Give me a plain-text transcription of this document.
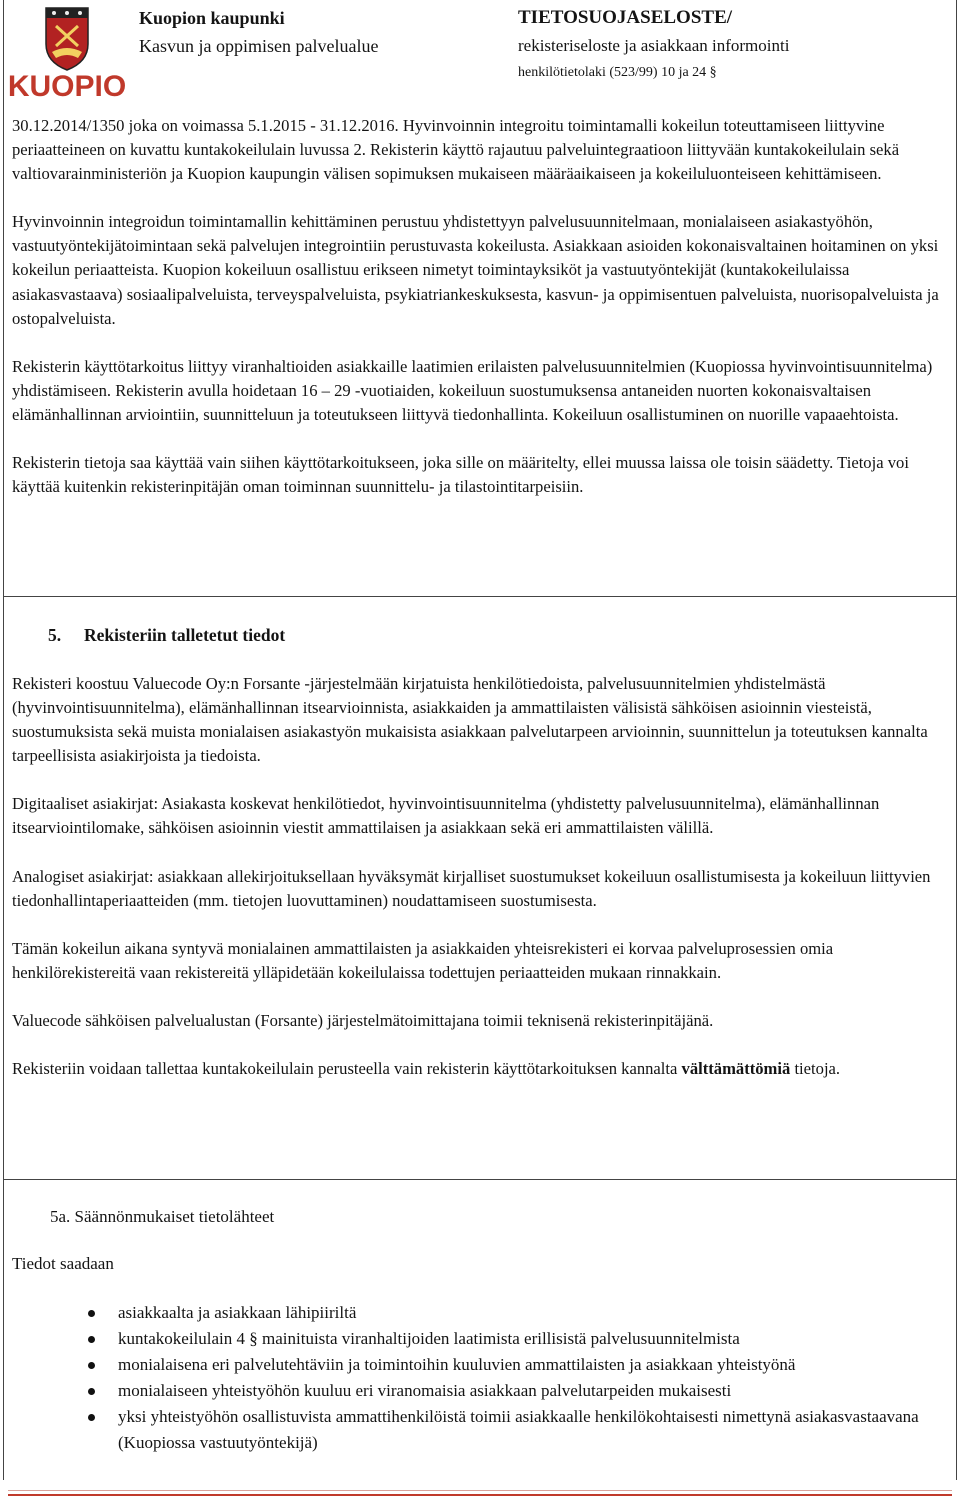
KUOPIO
Kuopion kaupunki
Kasvun ja oppimisen palvelualue
TIETOSUOJASELOSTE/
rekisteriseloste ja asiakkaan informointi
henkilötietolaki (523/99) 10 ja 24 §

30.12.2014/1350 joka on voimassa 5.1.2015 - 31.12.2016. Hyvinvoinnin integroitu toimintamalli kokeilun toteuttamiseen liittyvine periaatteineen on kuvattu kuntakokeilulain luvussa 2. Rekisterin käyttö rajautuu palveluintegraatioon liittyvään kuntakokeilulain sekä valtiovarainministeriön ja Kuopion kaupungin välisen sopimuksen mukaiseen määräaikaiseen ja kokeiluluonteiseen kehittämiseen.

Hyvinvoinnin integroidun toimintamallin kehittäminen perustuu yhdistettyyn palvelusuunnitelmaan, monialaiseen asiakastyöhön, vastuutyöntekijätoimintaan sekä palvelujen integrointiin perustuvasta kokeilusta. Asiakkaan asioiden kokonaisvaltainen hoitaminen on yksi kokeilun periaatteista. Kuopion kokeiluun osallistuu erikseen nimetyt toimintayksiköt ja vastuutyöntekijät (kuntakokeilulaissa asiakasvastaava) sosiaalipalveluista, terveyspalveluista, psykiatriankeskuksesta, kasvun- ja oppimisentuen palveluista, nuorisopalveluista ja ostopalveluista.

Rekisterin käyttötarkoitus liittyy viranhaltioiden asiakkaille laatimien erilaisten palvelusuunnitelmien (Kuopiossa hyvinvointisuunnitelma) yhdistämiseen. Rekisterin avulla hoidetaan 16 – 29 -vuotiaiden, kokeiluun suostumuksensa antaneiden nuorten kokonaisvaltaisen elämänhallinnan arviointiin, suunnitteluun ja toteutukseen liittyvä tiedonhallinta. Kokeiluun osallistuminen on nuorille vapaaehtoista.

Rekisterin tietoja saa käyttää vain siihen käyttötarkoitukseen, joka sille on määritelty, ellei muussa laissa ole toisin säädetty. Tietoja voi käyttää kuitenkin rekisterinpitäjän oman toiminnan suunnittelu- ja tilastointitarpeisiin.

5. Rekisteriin talletetut tiedot

Rekisteri koostuu Valuecode Oy:n Forsante -järjestelmään kirjatuista henkilötiedoista, palvelusuunnitelmien yhdistelmästä (hyvinvointisuunnitelma), elämänhallinnan itsearvioinnista, asiakkaiden ja ammattilaisten välisistä sähköisen asioinnin viesteistä, suostumuksista sekä muista monialaisen asiakastyön mukaisista asiakkaan palvelutarpeen arvioinnin, suunnittelun ja toteutuksen kannalta tarpeellisista asiakirjoista ja tiedoista.

Digitaaliset asiakirjat: Asiakasta koskevat henkilötiedot, hyvinvointisuunnitelma (yhdistetty palvelusuunnitelma), elämänhallinnan itsearviointilomake, sähköisen asioinnin viestit ammattilaisen ja asiakkaan sekä eri ammattilaisten välillä.

Analogiset asiakirjat: asiakkaan allekirjoituksellaan hyväksymät kirjalliset suostumukset kokeiluun osallistumisesta ja kokeiluun liittyvien tiedonhallintaperiaatteiden (mm. tietojen luovuttaminen) noudattamiseen suostumisesta.

Tämän kokeilun aikana syntyvä monialainen ammattilaisten ja asiakkaiden yhteisrekisteri ei korvaa palveluprosessien omia henkilörekistereitä vaan rekistereitä ylläpidetään kokeilulaissa todettujen periaatteiden mukaan rinnakkain.

Valuecode sähköisen palvelualustan (Forsante) järjestelmätoimittajana toimii teknisenä rekisterinpitäjänä.

Rekisteriin voidaan tallettaa kuntakokeilulain perusteella vain rekisterin käyttötarkoituksen kannalta välttämättömiä tietoja.

5a. Säännönmukaiset tietolähteet
Tiedot saadaan
asiakkaalta ja asiakkaan lähipiiriltä
kuntakokeilulain 4 § mainituista viranhaltijoiden laatimista erillisistä palvelusuunnitelmista
monialaisena eri palvelutehtäviin ja toimintoihin kuuluvien ammattilaisten ja asiakkaan yhteistyönä
monialaiseen yhteistyöhön kuuluu eri viranomaisia asiakkaan palvelutarpeiden mukaisesti
yksi yhteistyöhön osallistuvista ammattihenkilöistä toimii asiakkaalle henkilökohtaisesti nimettynä asiakasvastaavana (Kuopiossa vastuutyöntekijä)
